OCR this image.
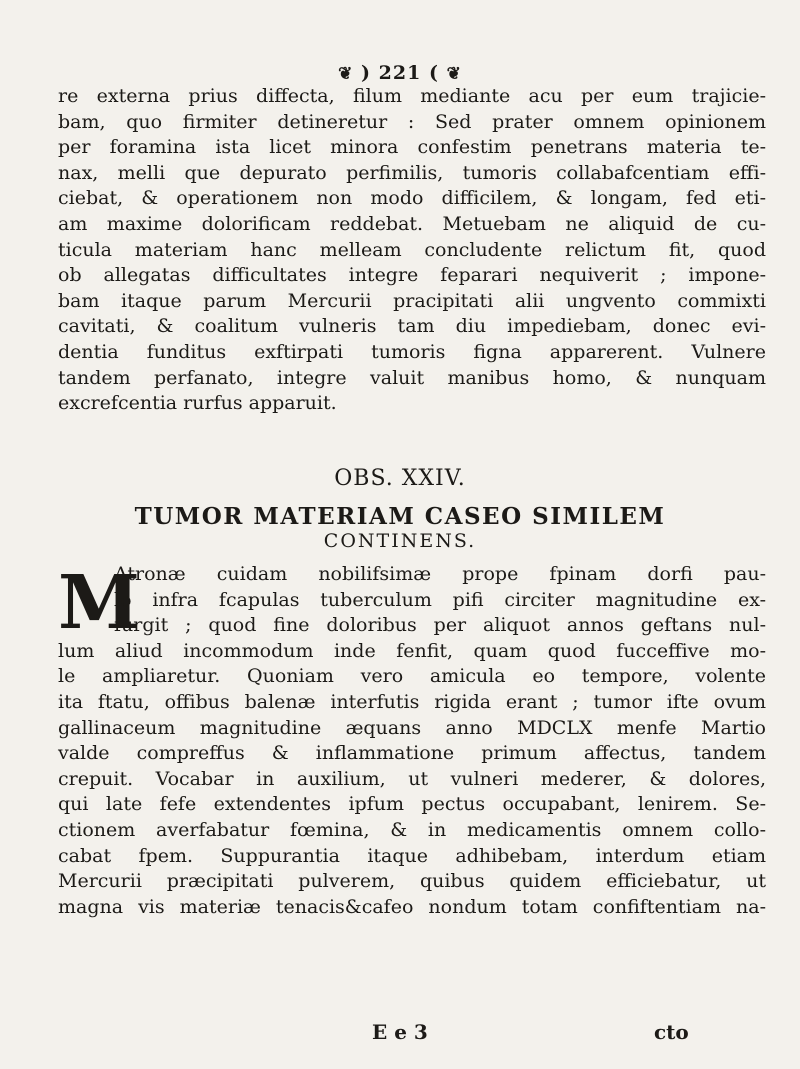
❦ ) 221 ( ❦
re externa prius diffecta, filum mediante acu per eum trajicie-
bam, quo firmiter detineretur : Sed prater omnem opinionem
per foramina ista licet minora confestim penetrans materia te-
nax, melli que depurato perfimilis, tumoris collabafcentiam effi-
ciebat, & operationem non modo difficilem, & longam, fed eti-
am maxime dolorificam reddebat. Metuebam ne aliquid de cu-
ticula materiam hanc melleam concludente relictum fit, quod
ob allegatas difficultates integre feparari nequiverit ; impone-
bam itaque parum Mercurii pracipitati alii ungvento commixti
cavitati, & coalitum vulneris tam diu impediebam, donec evi-
dentia funditus exftirpati tumoris figna apparerent. Vulnere
tandem perfanato, integre valuit manibus homo, & nunquam
excrefcentia rurfus apparuit.
OBS. XXIV.
TUMOR MATERIAM CASEO SIMILEM
CONTINENS.
M
Atronæ cuidam nobilifsimæ prope fpinam dorfi pau-
lo infra fcapulas tuberculum pifi circiter magnitudine ex-
furgit ; quod fine doloribus per aliquot annos geftans nul-
lum aliud incommodum inde fenfit, quam quod fucceffive mo-
le ampliaretur. Quoniam vero amicula eo tempore, volente
ita ftatu, offibus balenæ interfutis rigida erant ; tumor ifte ovum
gallinaceum magnitudine æquans anno MDCLX menfe Martio
valde compreffus & inflammatione primum affectus, tandem
crepuit. Vocabar in auxilium, ut vulneri mederer, & dolores,
qui late fefe extendentes ipfum pectus occupabant, lenirem. Se-
ctionem averfabatur fœmina, & in medicamentis omnem collo-
cabat fpem. Suppurantia itaque adhibebam, interdum etiam
Mercurii præcipitati pulverem, quibus quidem efficiebatur, ut
magna vis materiæ tenacis&cafeo nondum totam confiftentiam na-
E e 3	cto
